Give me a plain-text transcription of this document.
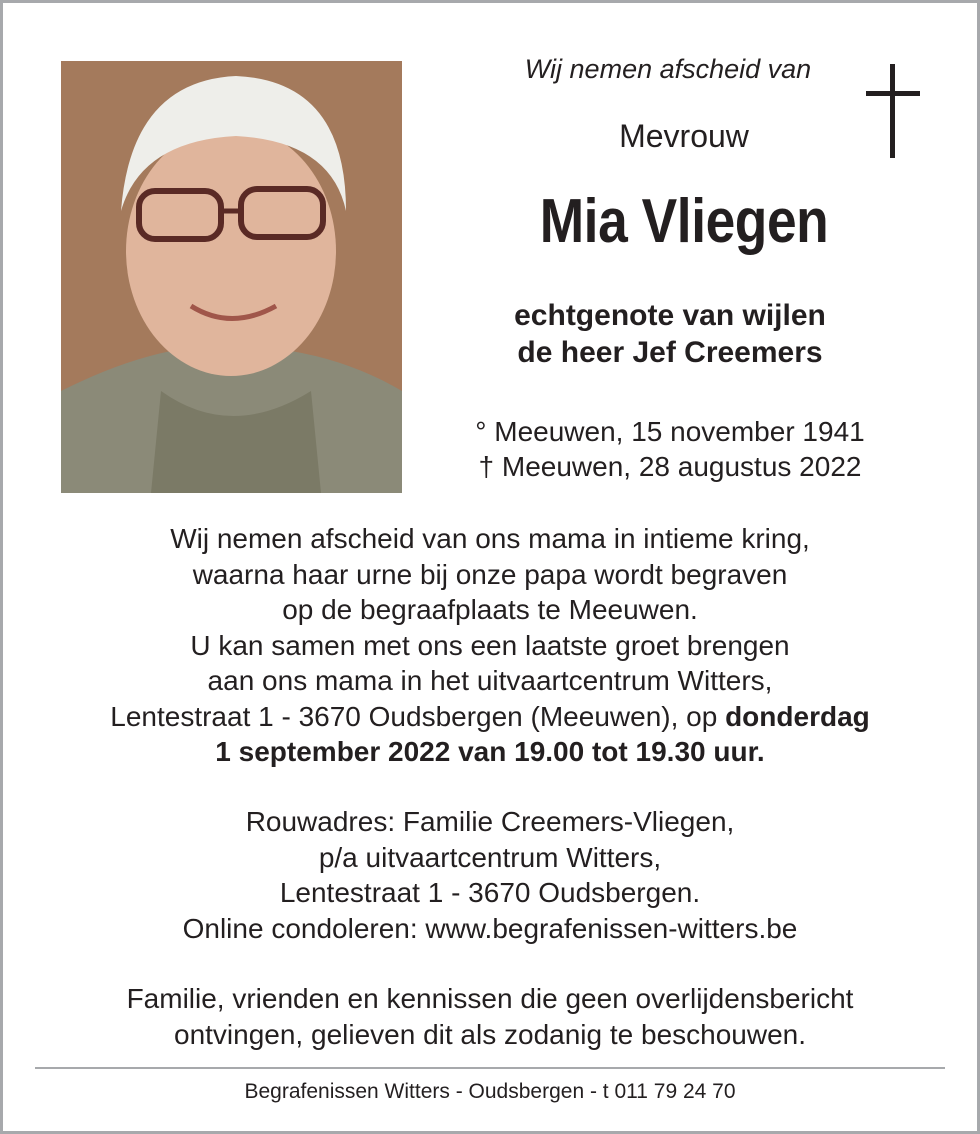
Wij nemen afscheid van
Mevrouw
Mia Vliegen
echtgenote van wijlen
de heer Jef Creemers
° Meeuwen, 15 november 1941
† Meeuwen, 28 augustus 2022
Wij nemen afscheid van ons mama in intieme kring,
waarna haar urne bij onze papa wordt begraven
op de begraafplaats te Meeuwen.
U kan samen met ons een laatste groet brengen
aan ons mama in het uitvaartcentrum Witters,
Lentestraat 1 - 3670 Oudsbergen (Meeuwen), op donderdag
1 september 2022 van 19.00 tot 19.30 uur.
Rouwadres: Familie Creemers-Vliegen,
p/a uitvaartcentrum Witters,
Lentestraat 1 - 3670 Oudsbergen.
Online condoleren: www.begrafenissen-witters.be
Familie, vrienden en kennissen die geen overlijdensbericht
ontvingen, gelieven dit als zodanig te beschouwen.
Begrafenissen Witters - Oudsbergen - t 011 79 24 70
